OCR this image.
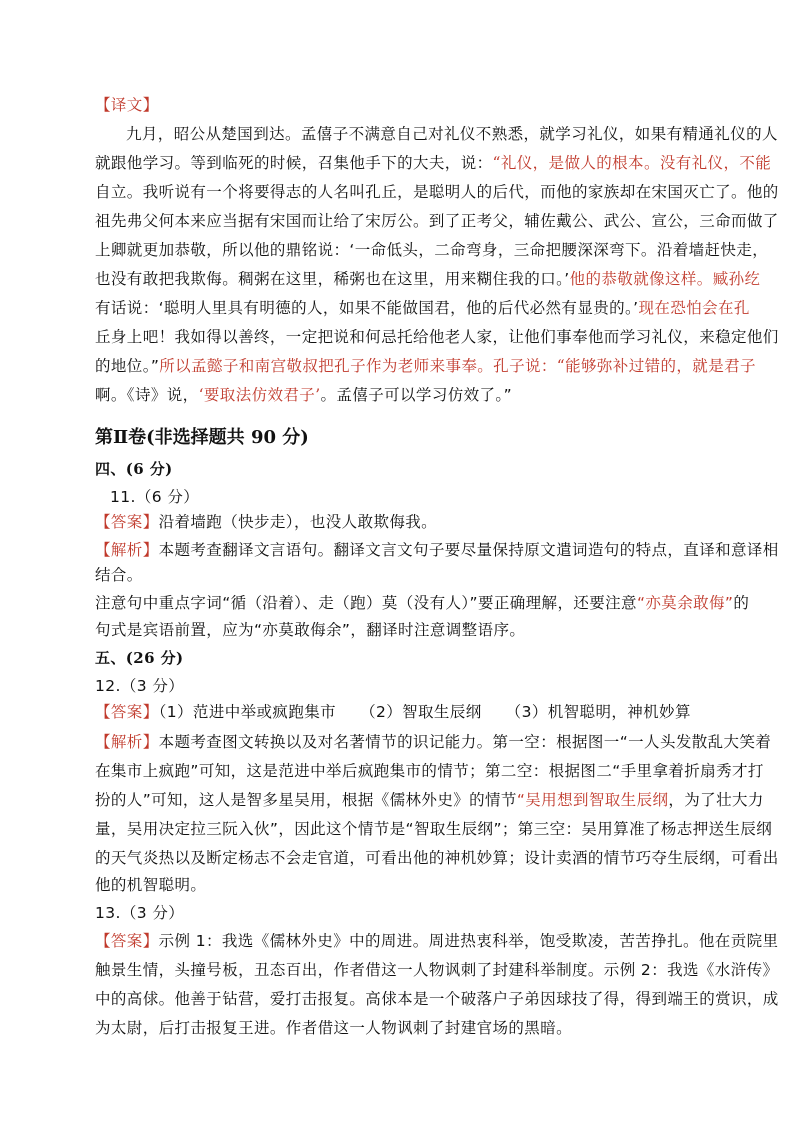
【译文】
九月，昭公从楚国到达。孟僖子不满意自己对礼仪不熟悉，就学习礼仪，如果有精通礼仪的人
就跟他学习。等到临死的时候，召集他手下的大夫，说：“礼仪，是做人的根本。没有礼仪，不能
自立。我听说有一个将要得志的人名叫孔丘，是聪明人的后代，而他的家族却在宋国灭亡了。他的
祖先弗父何本来应当据有宋国而让给了宋厉公。到了正考父，辅佐戴公、武公、宣公，三命而做了
上卿就更加恭敬，所以他的鼎铭说：‘一命低头，二命弯身，三命把腰深深弯下。沿着墙赶快走，
也没有敢把我欺侮。稠粥在这里，稀粥也在这里，用来糊住我的口。’他的恭敬就像这样。臧孙纥
有话说：‘聪明人里具有明德的人，如果不能做国君，他的后代必然有显贵的。’现在恐怕会在孔
丘身上吧！我如得以善终，一定把说和何忌托给他老人家，让他们事奉他而学习礼仪，来稳定他们
的地位。”所以孟懿子和南宫敬叔把孔子作为老师来事奉。孔子说：“能够弥补过错的，就是君子
啊。《诗》说，‘要取法仿效君子’。孟僖子可以学习仿效了。”
第Ⅱ卷(非选择题共 90 分)
四、(6 分)
11.（6 分）
【答案】沿着墙跑（快步走），也没人敢欺侮我。
【解析】本题考查翻译文言语句。翻译文言文句子要尽量保持原文遣词造句的特点，直译和意译相
结合。
注意句中重点字词“循（沿着）、走（跑）莫（没有人）”要正确理解，还要注意“亦莫余敢侮”的
句式是宾语前置，应为“亦莫敢侮余”，翻译时注意调整语序。
五、(26 分)
12.（3 分）
【答案】（1）范进中举或疯跑集市　　（2）智取生辰纲　　（3）机智聪明，神机妙算
【解析】本题考查图文转换以及对名著情节的识记能力。第一空：根据图一“一人头发散乱大笑着
在集市上疯跑”可知，这是范进中举后疯跑集市的情节；第二空：根据图二“手里拿着折扇秀才打
扮的人”可知，这人是智多星吴用，根据《儒林外史》的情节“吴用想到智取生辰纲，为了壮大力
量，吴用决定拉三阮入伙”，因此这个情节是“智取生辰纲”；第三空：吴用算准了杨志押送生辰纲
的天气炎热以及断定杨志不会走官道，可看出他的神机妙算；设计卖酒的情节巧夺生辰纲，可看出
他的机智聪明。
13.（3 分）
【答案】示例 1：我选《儒林外史》中的周进。周进热衷科举，饱受欺凌，苦苦挣扎。他在贡院里
触景生情，头撞号板，丑态百出，作者借这一人物讽刺了封建科举制度。示例 2：我选《水浒传》
中的高俅。他善于钻营，爱打击报复。高俅本是一个破落户子弟因球技了得，得到端王的赏识，成
为太尉，后打击报复王进。作者借这一人物讽刺了封建官场的黑暗。
